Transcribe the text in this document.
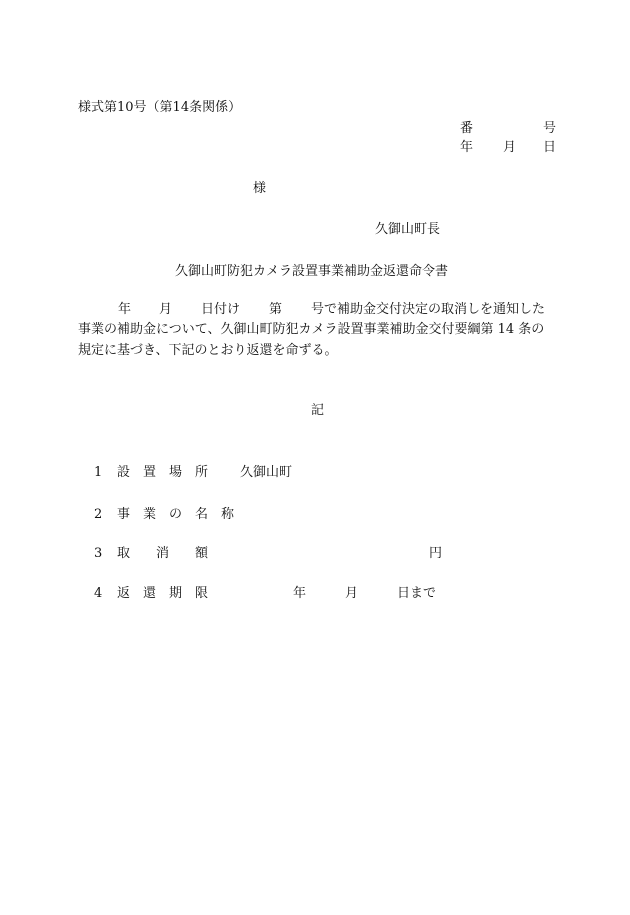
様式第10号（第14条関係）
番	号
年 月 日
様
久御山町長
久御山町防犯カメラ設置事業補助金返還命令書
年 月 日付け 第 号で補助金交付決定の取消しを通知した
事業の補助金について、久御山町防犯カメラ設置事業補助金交付要綱第 14 条の
規定に基づき、下記のとおり返還を命ずる。
記
1 設　置　場　所 久御山町
2 事　業　の　名　称
3 取　　消　　額	円
4 返　還　期　限	年　　　月　　　日まで
